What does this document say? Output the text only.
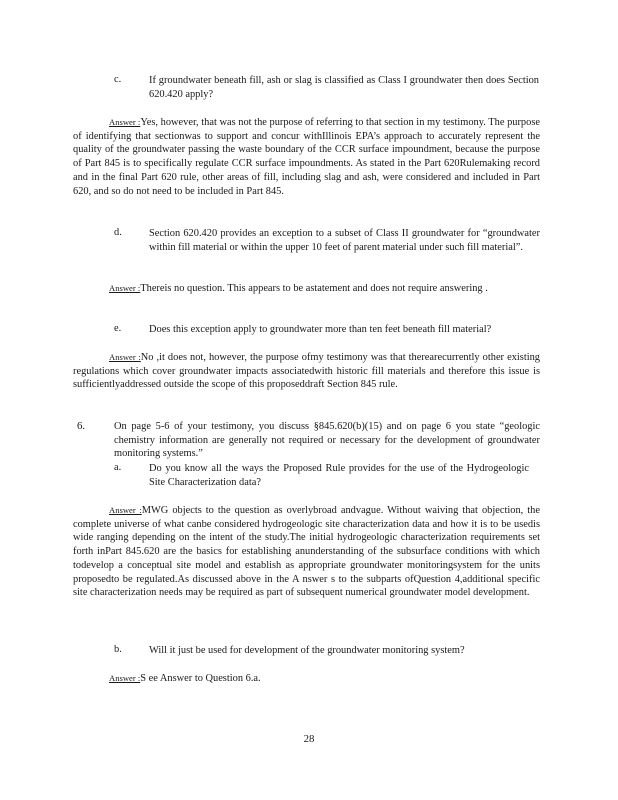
c.	If groundwater beneath fill, ash or slag is classified as Class I groundwater then does Section 620.420 apply?
Answer :Yes, however, that was not the purpose of referring to that section in my testimony. The purpose of identifying that sectionwas to support and concur withIllinois EPA’s approach to accurately represent the quality of the groundwater passing the waste boundary of the CCR surface impoundment, because the purpose of Part 845 is to specifically regulate CCR surface impoundments. As stated in the Part 620Rulemaking record and in the final Part 620 rule, other areas of fill, including slag and ash, were considered and included in Part 620, and so do not need to be included in Part 845.
d.	Section 620.420 provides an exception to a subset of Class II groundwater for “groundwater within fill material or within the upper 10 feet of parent material under such fill material”.
Answer :Thereis no question. This appears to be astatement and does not require answering .
e.	Does this exception apply to groundwater more than ten feet beneath fill material?
Answer :No ,it does not, however, the purpose ofmy testimony was that therearecurrently other existing regulations which cover groundwater impacts associatedwith historic fill materials and therefore this issue is sufficientlyaddressed outside the scope of this proposeddraft Section 845 rule.
6.	On page 5-6 of your testimony, you discuss §845.620(b)(15) and on page 6 you state “geologic chemistry information are generally not required or necessary for the development of groundwater monitoring systems.”
a.	Do you know all the ways the Proposed Rule provides for the use of the Hydrogeologic Site Characterization data?
Answer :MWG objects to the question as overlybroad andvague. Without waiving that objection, the complete universe of what canbe considered hydrogeologic site characterization data and how it is to be usedis wide ranging depending on the intent of the study.The initial hydrogeologic characterization requirements set forth inPart 845.620 are the basics for establishing anunderstanding of the subsurface conditions with which todevelop a conceptual site model and establish as appropriate groundwater monitoringsystem for the units proposedto be regulated.As discussed above in the A nswer s to the subparts ofQuestion 4,additional specific site characterization needs may be required as part of subsequent numerical groundwater model development.
b.	Will it just be used for development of the groundwater monitoring system?
Answer :S ee Answer to Question 6.a.
28
